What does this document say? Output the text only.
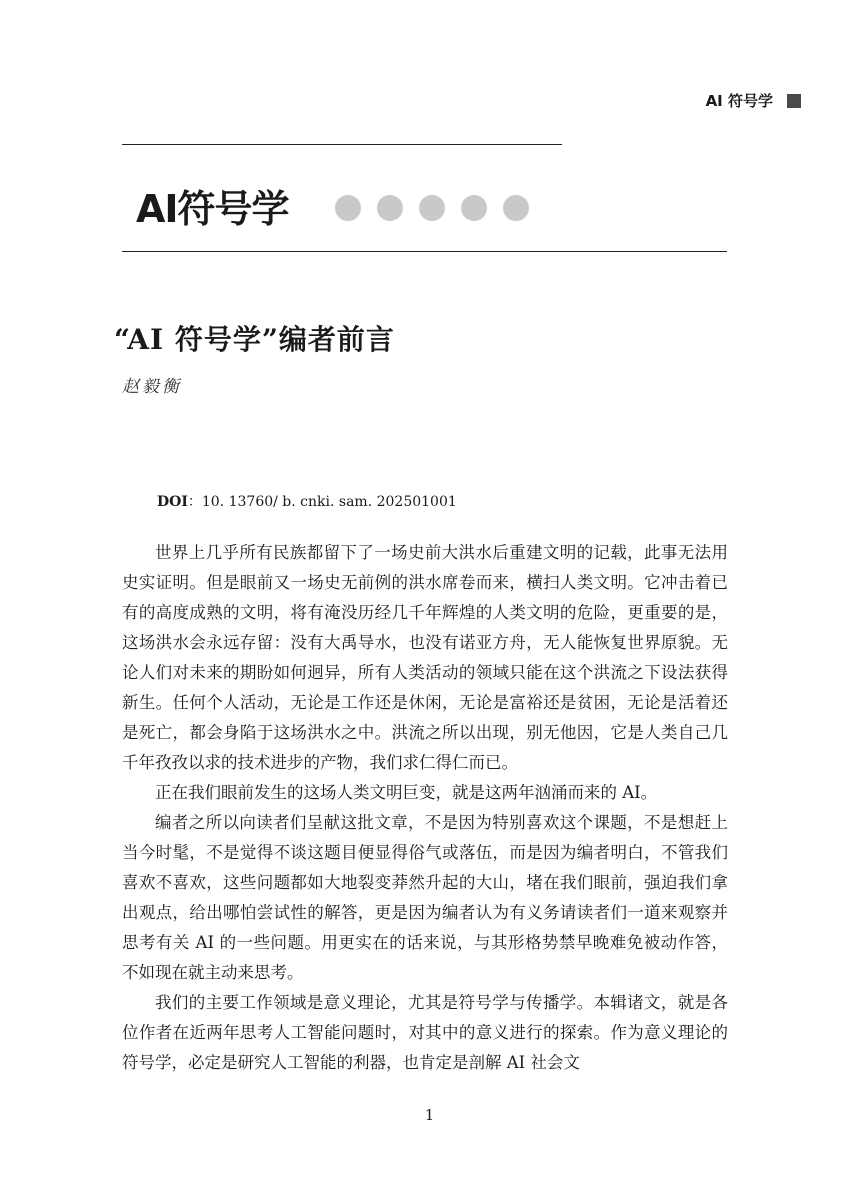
AI 符号学
AI符号学
“AI 符号学”编者前言
赵毅衡
DOI：10. 13760/ b. cnki. sam. 202501001

世界上几乎所有民族都留下了一场史前大洪水后重建文明的记载，此事无法用史实证明。但是眼前又一场史无前例的洪水席卷而来，横扫人类文明。它冲击着已有的高度成熟的文明，将有淹没历经几千年辉煌的人类文明的危险，更重要的是，这场洪水会永远存留：没有大禹导水，也没有诺亚方舟，无人能恢复世界原貌。无论人们对未来的期盼如何迥异，所有人类活动的领域只能在这个洪流之下设法获得新生。任何个人活动，无论是工作还是休闲，无论是富裕还是贫困，无论是活着还是死亡，都会身陷于这场洪水之中。洪流之所以出现，别无他因，它是人类自己几千年孜孜以求的技术进步的产物，我们求仁得仁而已。

正在我们眼前发生的这场人类文明巨变，就是这两年汹涌而来的 AI。

编者之所以向读者们呈献这批文章，不是因为特别喜欢这个课题，不是想赶上当今时髦，不是觉得不谈这题目便显得俗气或落伍，而是因为编者明白，不管我们喜欢不喜欢，这些问题都如大地裂变莽然升起的大山，堵在我们眼前，强迫我们拿出观点，给出哪怕尝试性的解答，更是因为编者认为有义务请读者们一道来观察并思考有关 AI 的一些问题。用更实在的话来说，与其形格势禁早晚难免被动作答，不如现在就主动来思考。

我们的主要工作领域是意义理论，尤其是符号学与传播学。本辑诸文，就是各位作者在近两年思考人工智能问题时，对其中的意义进行的探索。作为意义理论的符号学，必定是研究人工智能的利器，也肯定是剖解 AI 社会文

1
